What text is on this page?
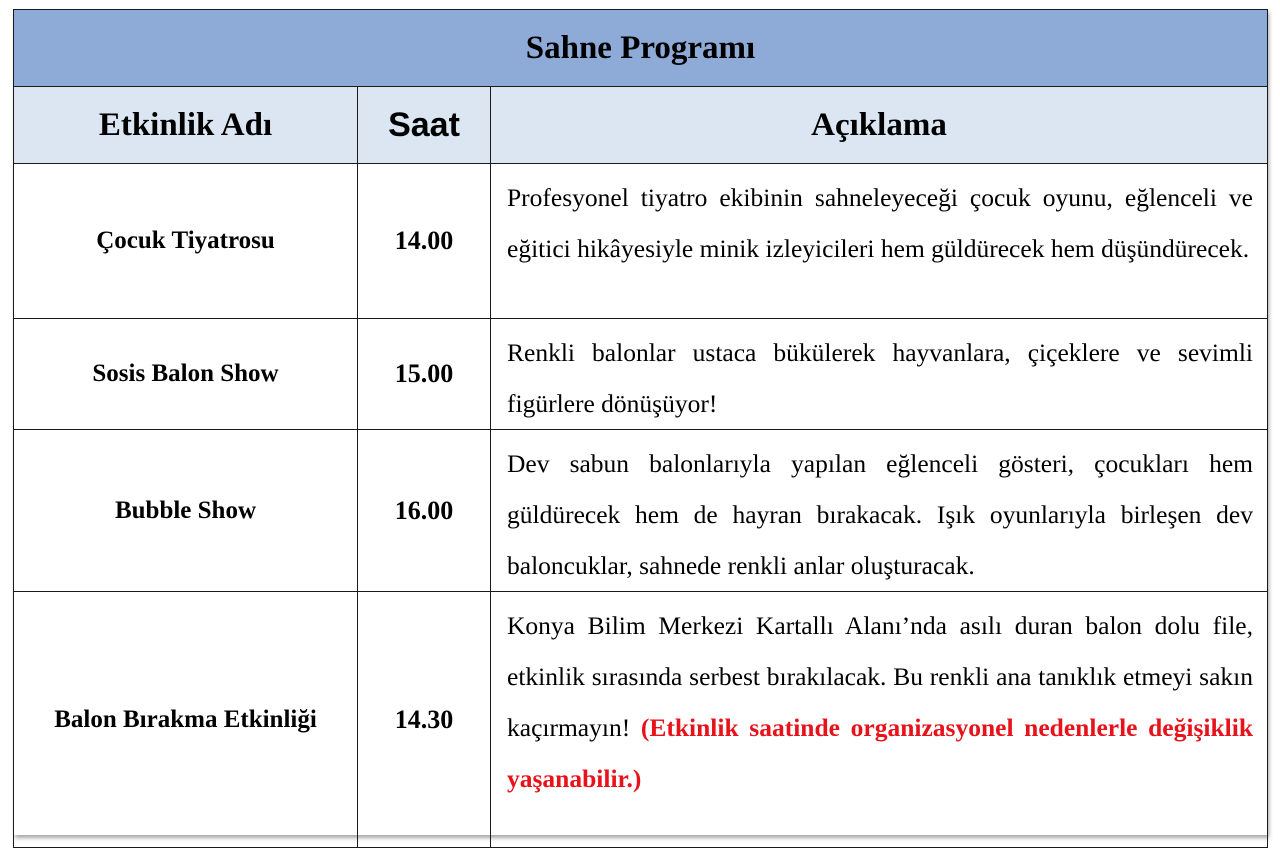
Sahne Programı		
Etkinlik Adı	Saat	Açıklama
Çocuk Tiyatrosu	14.00	Profesyonel tiyatro ekibinin sahneleyeceği çocuk oyunu, eğlenceli ve eğitici hikâyesiyle minik izleyicileri hem güldürecek hem düşündürecek.
Sosis Balon Show	15.00	Renkli balonlar ustaca bükülerek hayvanlara, çiçeklere ve sevimli figürlere dönüşüyor!
Bubble Show	16.00	Dev sabun balonlarıyla yapılan eğlenceli gösteri, çocukları hem güldürecek hem de hayran bırakacak. Işık oyunlarıyla birleşen dev baloncuklar, sahnede renkli anlar oluşturacak.
Balon Bırakma Etkinliği	14.30	Konya Bilim Merkezi Kartallı Alanı’nda asılı duran balon dolu file, etkinlik sırasında serbest bırakılacak. Bu renkli ana tanıklık etmeyi sakın kaçırmayın! (Etkinlik saatinde organizasyonel nedenlerle değişiklik yaşanabilir.)
